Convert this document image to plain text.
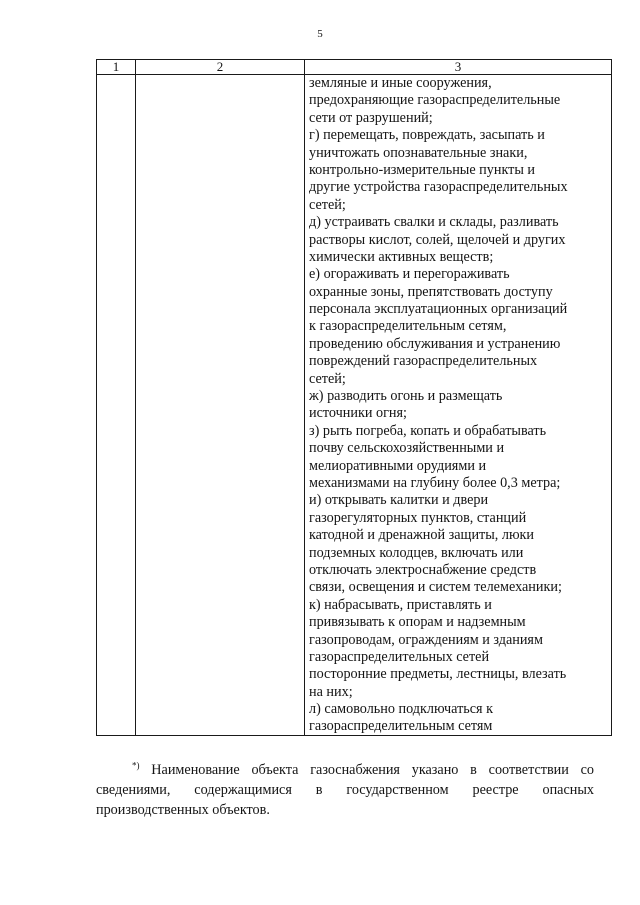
5
1	2	3
земляные и иные сооружения,
предохраняющие газораспределительные
сети от разрушений;
г) перемещать, повреждать, засыпать и
уничтожать опознавательные знаки,
контрольно-измерительные пункты и
другие устройства газораспределительных
сетей;
д) устраивать свалки и склады, разливать
растворы кислот, солей, щелочей и других
химически активных веществ;
е) огораживать и перегораживать
охранные зоны, препятствовать доступу
персонала эксплуатационных организаций
к газораспределительным сетям,
проведению обслуживания и устранению
повреждений газораспределительных
сетей;
ж) разводить огонь и размещать
источники огня;
з) рыть погреба, копать и обрабатывать
почву сельскохозяйственными и
мелиоративными орудиями и
механизмами на глубину более 0,3 метра;
и) открывать калитки и двери
газорегуляторных пунктов, станций
катодной и дренажной защиты, люки
подземных колодцев, включать или
отключать электроснабжение средств
связи, освещения и систем телемеханики;
к) набрасывать, приставлять и
привязывать к опорам и надземным
газопроводам, ограждениям и зданиям
газораспределительных сетей
посторонние предметы, лестницы, влезать
на них;
л) самовольно подключаться к
газораспределительным сетям
*) Наименование объекта газоснабжения указано в соответствии со
сведениями, содержащимися в государственном реестре опасных
производственных объектов.
